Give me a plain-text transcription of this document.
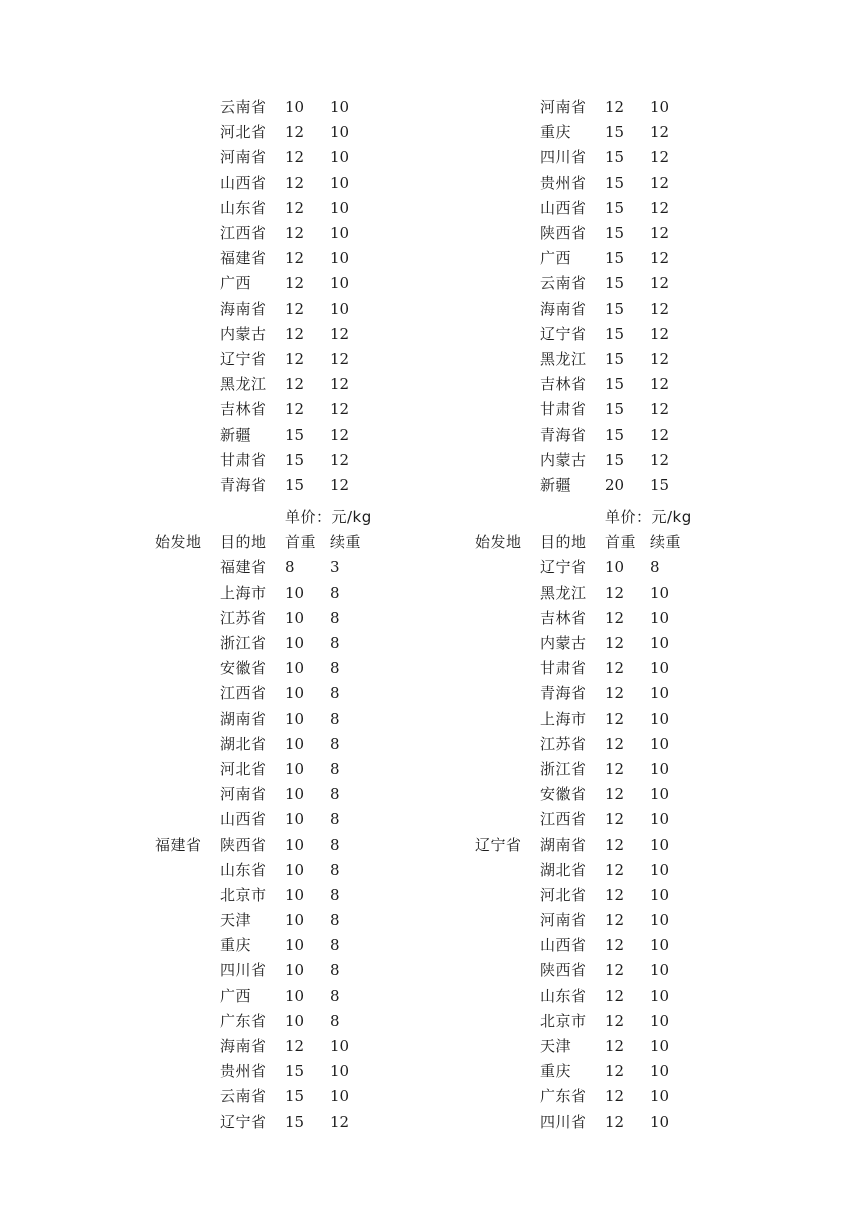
	云南省	10	10
	河北省	12	10
	河南省	12	10
	山西省	12	10
	山东省	12	10
	江西省	12	10
	福建省	12	10
	广西	12	10
	海南省	12	10
	内蒙古	12	12
	辽宁省	12	12
	黑龙江	12	12
	吉林省	12	12
	新疆	15	12
	甘肃省	15	12
	青海省	15	12
	河南省	12	10
	重庆	15	12
	四川省	15	12
	贵州省	15	12
	山西省	15	12
	陕西省	15	12
	广西	15	12
	云南省	15	12
	海南省	15	12
	辽宁省	15	12
	黑龙江	15	12
	吉林省	15	12
	甘肃省	15	12
	青海省	15	12
	内蒙古	15	12
	新疆	20	15
		单价：元/kg	
始发地	目的地	首重	续重
福建省	福建省	8	3
	上海市	10	8
	江苏省	10	8
	浙江省	10	8
	安徽省	10	8
	江西省	10	8
	湖南省	10	8
	湖北省	10	8
	河北省	10	8
	河南省	10	8
	山西省	10	8
	陕西省	10	8
	山东省	10	8
	北京市	10	8
	天津	10	8
	重庆	10	8
	四川省	10	8
	广西	10	8
	广东省	10	8
	海南省	12	10
	贵州省	15	10
	云南省	15	10
	辽宁省	15	12
		单价：元/kg	
始发地	目的地	首重	续重
辽宁省	辽宁省	10	8
	黑龙江	12	10
	吉林省	12	10
	内蒙古	12	10
	甘肃省	12	10
	青海省	12	10
	上海市	12	10
	江苏省	12	10
	浙江省	12	10
	安徽省	12	10
	江西省	12	10
	湖南省	12	10
	湖北省	12	10
	河北省	12	10
	河南省	12	10
	山西省	12	10
	陕西省	12	10
	山东省	12	10
	北京市	12	10
	天津	12	10
	重庆	12	10
	广东省	12	10
	四川省	12	10
